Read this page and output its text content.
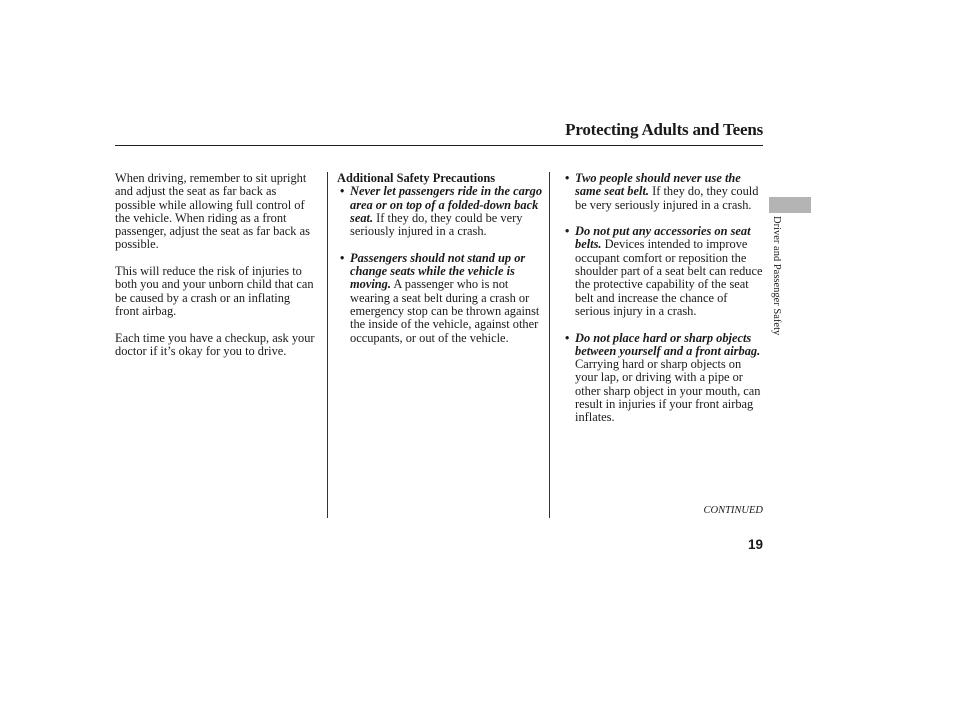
Protecting Adults and Teens
Driver and Passenger Safety

When driving, remember to sit upright and adjust the seat as far back as possible while allowing full control of the vehicle. When riding as a front passenger, adjust the seat as far back as possible.

This will reduce the risk of injuries to both you and your unborn child that can be caused by a crash or an inflating front airbag.

Each time you have a checkup, ask your doctor if it’s okay for you to drive.

Additional Safety Precautions

• Never let passengers ride in the cargo area or on top of a folded-down back seat. If they do, they could be very seriously injured in a crash.
• Passengers should not stand up or change seats while the vehicle is moving. A passenger who is not wearing a seat belt during a crash or emergency stop can be thrown against the inside of the vehicle, against other occupants, or out of the vehicle.
• Two people should never use the same seat belt. If they do, they could be very seriously injured in a crash.
• Do not put any accessories on seat belts. Devices intended to improve occupant comfort or reposition the shoulder part of a seat belt can reduce the protective capability of the seat belt and increase the chance of serious injury in a crash.
• Do not place hard or sharp objects between yourself and a front airbag. Carrying hard or sharp objects on your lap, or driving with a pipe or other sharp object in your mouth, can result in injuries if your front airbag inflates.
CONTINUED
19
